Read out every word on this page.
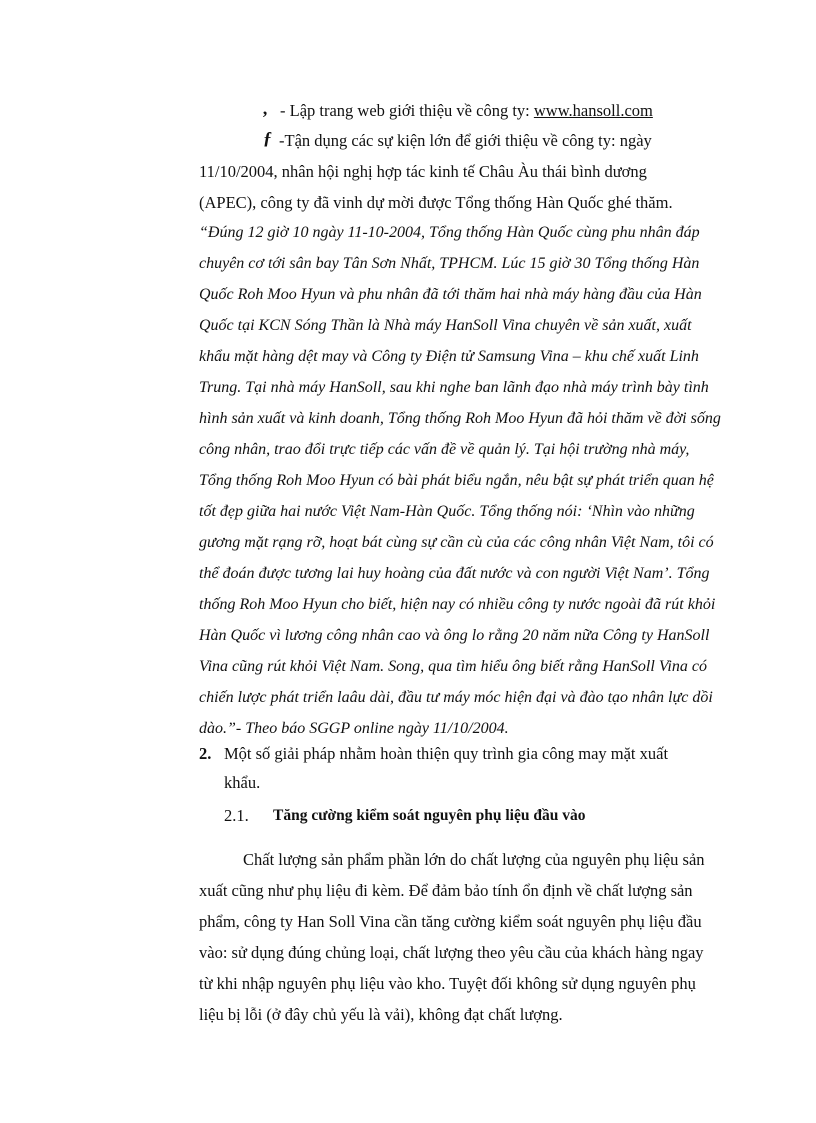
‚ - Lập trang web giới thiệu về công ty: www.hansoll.com
ƒ -Tận dụng các sự kiện lớn để giới thiệu về công ty: ngày
11/10/2004, nhân hội nghị hợp tác kinh tế Châu Àu thái bình dương
(APEC), công ty đã vinh dự mời được Tổng thống Hàn Quốc ghé thăm.
“Đúng 12 giờ 10 ngày 11-10-2004, Tổng thống Hàn Quốc cùng phu nhân đáp
chuyên cơ tới sân bay Tân Sơn Nhất, TPHCM. Lúc 15 giờ 30 Tổng thống Hàn
Quốc Roh Moo Hyun và phu nhân đã tới thăm hai nhà máy hàng đầu của Hàn
Quốc tại KCN Sóng Thần là Nhà máy HanSoll Vina chuyên về sản xuất, xuất
khẩu mặt hàng dệt may và Công ty Điện tử Samsung Vina – khu chế xuất Linh
Trung. Tại nhà máy HanSoll, sau khi nghe ban lãnh đạo nhà máy trình bày tình
hình sản xuất và kinh doanh, Tổng thống Roh Moo Hyun đã hỏi thăm về đời sống
công nhân, trao đổi trực tiếp các vấn đề về quản lý. Tại hội trường nhà máy,
Tổng thống Roh Moo Hyun có bài phát biểu ngắn, nêu bật sự phát triển quan hệ
tốt đẹp giữa hai nước Việt Nam-Hàn Quốc. Tổng thống nói: ‘Nhìn vào những
gương mặt rạng rỡ, hoạt bát cùng sự cần cù của các công nhân Việt Nam, tôi có
thể đoán được tương lai huy hoàng của đất nước và con người Việt Nam’. Tổng
thống Roh Moo Hyun cho biết, hiện nay có nhiều công ty nước ngoài đã rút khỏi
Hàn Quốc vì lương công nhân cao và ông lo rằng 20 năm nữa Công ty HanSoll
Vina cũng rút khỏi Việt Nam. Song, qua tìm hiểu ông biết rằng HanSoll Vina có
chiến lược phát triển laâu dài, đầu tư máy móc hiện đại và đào tạo nhân lực dồi
dào.”- Theo báo SGGP online ngày 11/10/2004.
2. Một số giải pháp nhằm hoàn thiện quy trình gia công may mặt xuất
khẩu.
2.1. Tăng cường kiểm soát nguyên phụ liệu đầu vào
Chất lượng sản phẩm phần lớn do chất lượng của nguyên phụ liệu sản
xuất cũng như phụ liệu đi kèm. Để đảm bảo tính ổn định về chất lượng sản
phẩm, công ty Han Soll Vina cần tăng cường kiểm soát nguyên phụ liệu đầu
vào: sử dụng đúng chủng loại, chất lượng theo yêu cầu của khách hàng ngay
từ khi nhập nguyên phụ liệu vào kho. Tuyệt đối không sử dụng nguyên phụ
liệu bị lỗi (ở đây chủ yếu là vải), không đạt chất lượng.
